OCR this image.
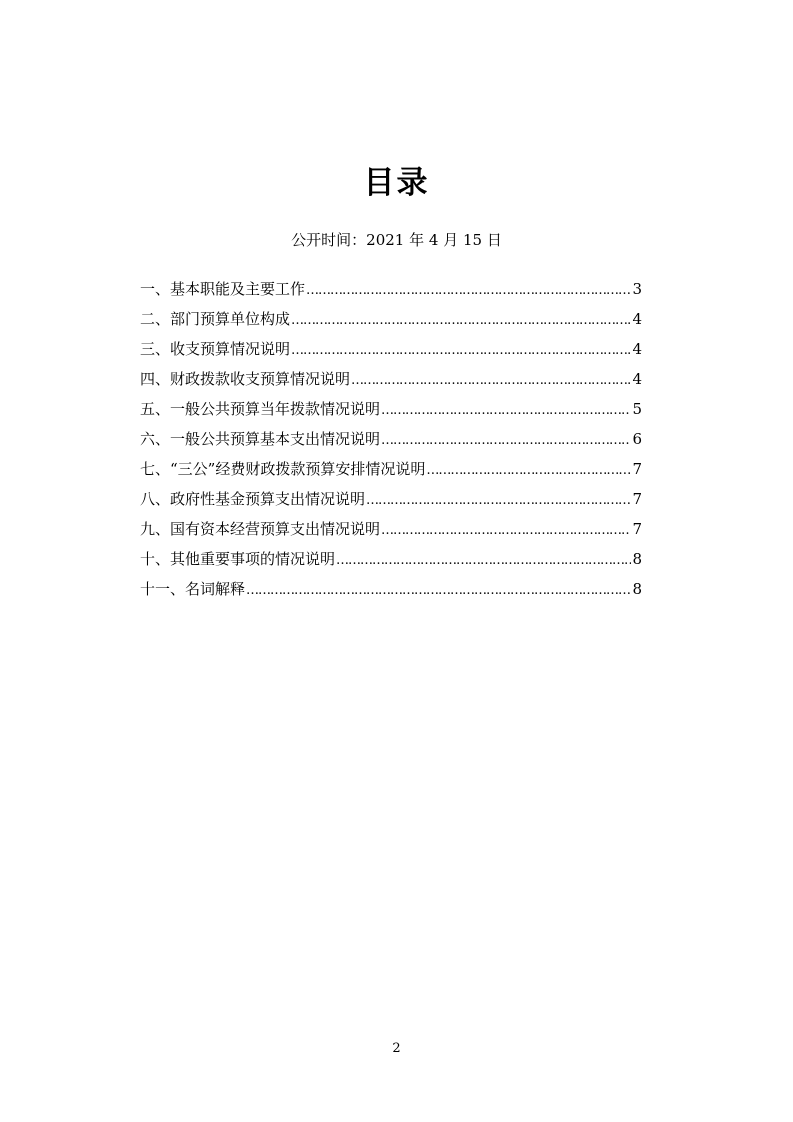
目录
公开时间：2021 年 4 月 15 日
一、基本职能及主要工作 ……………………………………………………………………………………………………………………………………………………………………	3
二、部门预算单位构成 ……………………………………………………………………………………………………………………………………………………………………	4
三、收支预算情况说明 ……………………………………………………………………………………………………………………………………………………………………	4
四、财政拨款收支预算情况说明 ……………………………………………………………………………………………………………………………………………………………………	4
五、一般公共预算当年拨款情况说明 ……………………………………………………………………………………………………………………………………………………………………	5
六、一般公共预算基本支出情况说明 ……………………………………………………………………………………………………………………………………………………………………	6
七、“三公”经费财政拨款预算安排情况说明 ……………………………………………………………………………………………………………………………………………………………………	7
八、政府性基金预算支出情况说明 ……………………………………………………………………………………………………………………………………………………………………	7
九、国有资本经营预算支出情况说明 ……………………………………………………………………………………………………………………………………………………………………	7
十、其他重要事项的情况说明 ……………………………………………………………………………………………………………………………………………………………………	8
十一、名词解释 ……………………………………………………………………………………………………………………………………………………………………	8
2
